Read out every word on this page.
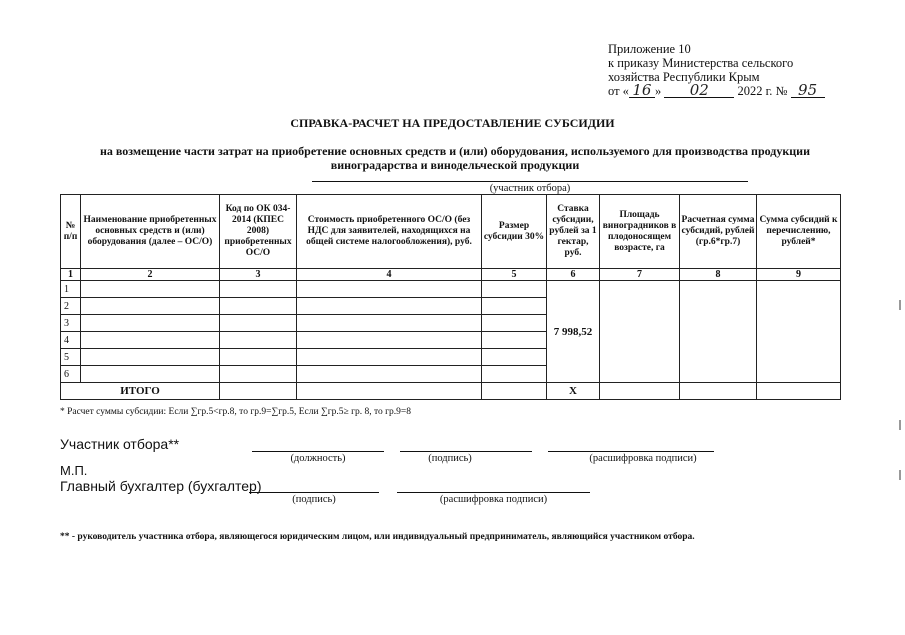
Приложение 10
к приказу Министерства сельского
хозяйства Республики Крым
от « 16 » 02 2022 г. № 95
СПРАВКА-РАСЧЕТ НА ПРЕДОСТАВЛЕНИЕ СУБСИДИИ
на возмещение части затрат на приобретение основных средств и (или) оборудования, используемого для производства продукции виноградарства и винодельческой продукции
(участник отбора)
№ п/п	Наименование приобретенных основных средств и (или) оборудования (далее – ОС/О)	Код по ОК 034-2014 (КПЕС 2008) приобретенных ОС/О	Стоимость приобретенного ОС/О (без НДС для заявителей, находящихся на общей системе налогообложения), руб.	Размер субсидии 30%	Ставка субсидии, рублей за 1 гектар, руб.	Площадь виноградников в плодоносящем возрасте, га	Расчетная сумма субсидий, рублей (гр.6*гр.7)	Сумма субсидий к перечислению, рублей*
1	2	3	4	5	6	7	8	9
1					7 998,52			
2								
3								
4								
5								
6								
ИТОГО					Х			
* Расчет суммы субсидии: Если ∑гр.5<гр.8, то гр.9=∑гр.5, Если ∑гр.5≥ гр. 8, то гр.9=8
Участник отбора**
(должность)	(подпись)	(расшифровка подписи)
М.П.
Главный бухгалтер (бухгалтер)
(подпись)	(расшифровка подписи)
** - руководитель участника отбора, являющегося юридическим лицом, или индивидуальный предприниматель, являющийся участником отбора.
